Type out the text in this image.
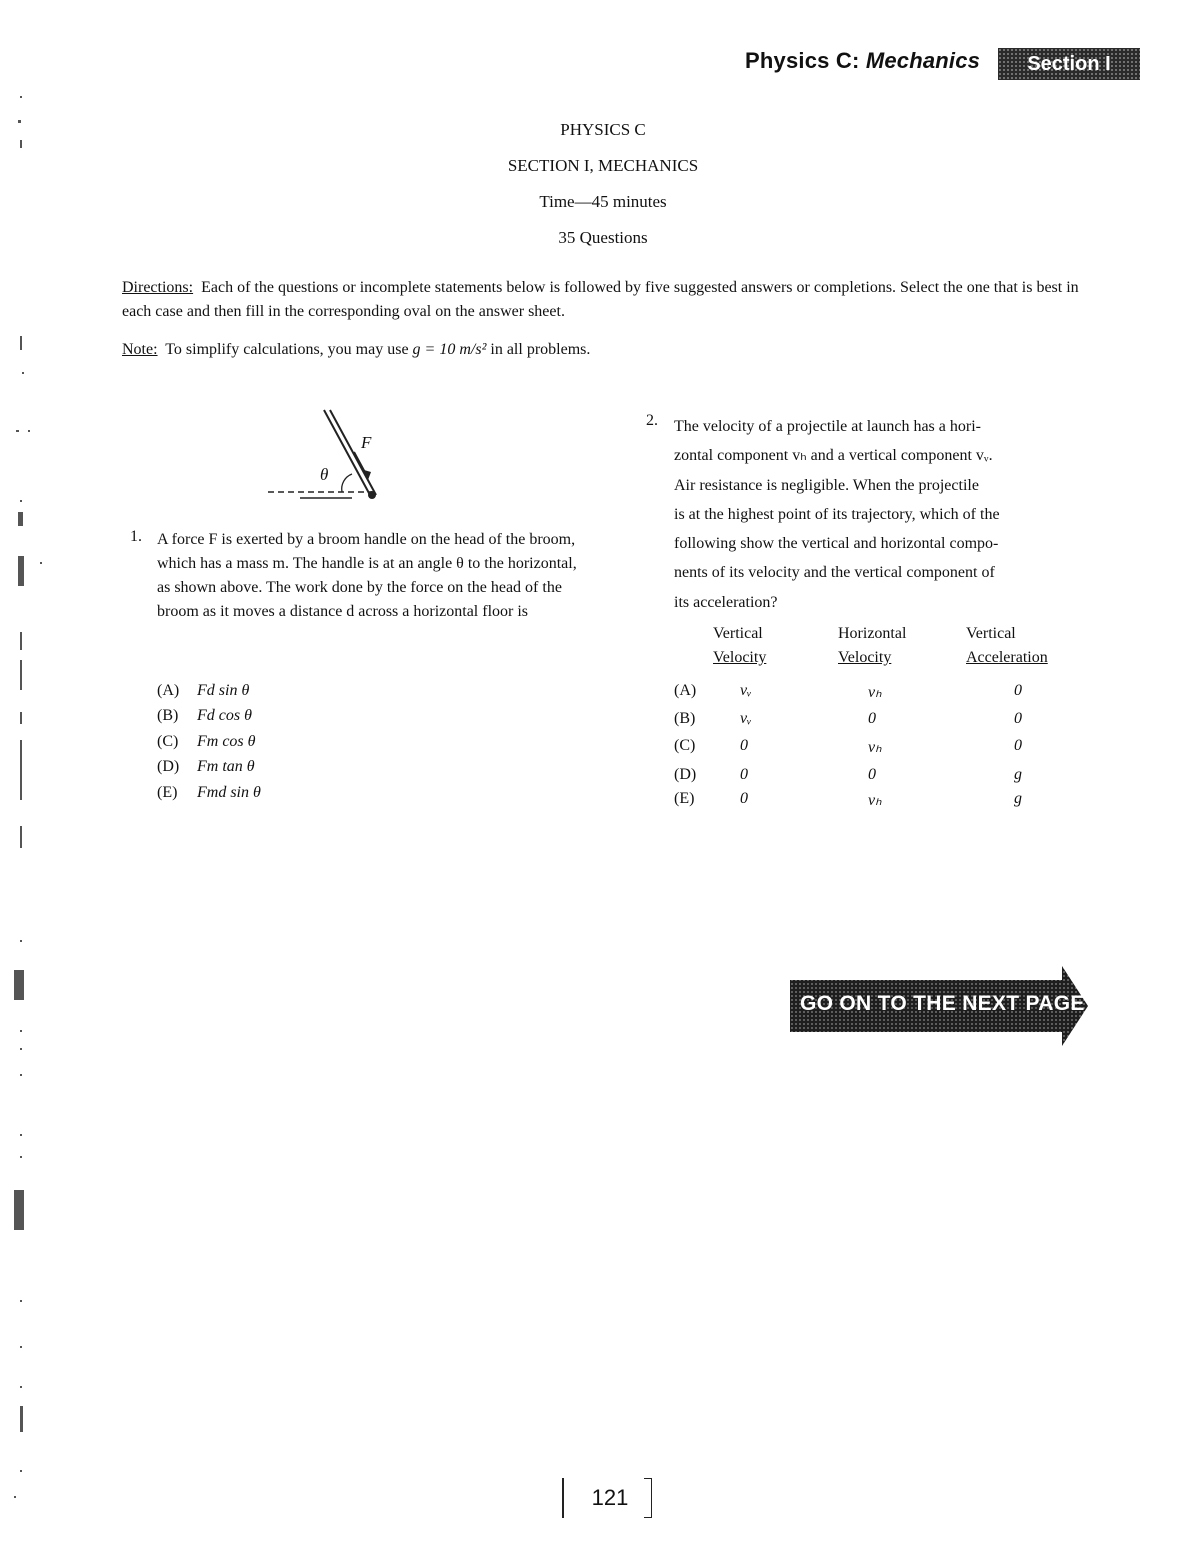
Physics C: Mechanics	Section I
PHYSICS C
SECTION I, MECHANICS
Time—45 minutes
35 Questions
Directions: Each of the questions or incomplete statements below is followed by five suggested answers or completions. Select the one that is best in each case and then fill in the corresponding oval on the answer sheet.
Note: To simplify calculations, you may use g = 10 m/s² in all problems.
F
θ
1. A force F is exerted by a broom handle on the head of the broom, which has a mass m. The handle is at an angle θ to the horizontal, as shown above. The work done by the force on the head of the broom as it moves a distance d across a horizontal floor is
(A) Fd sin θ
(B) Fd cos θ
(C) Fm cos θ
(D) Fm tan θ
(E) Fmd sin θ
2. The velocity of a projectile at launch has a hori-
zontal component vₕ and a vertical component vᵥ.
Air resistance is negligible. When the projectile
is at the highest point of its trajectory, which of the
following show the vertical and horizontal compo-
nents of its velocity and the vertical component of
its acceleration?
Vertical
Velocity
Horizontal
Velocity
Vertical
Acceleration
(A)	vᵥ	vₕ	0
(B)	vᵥ	0	0
(C)	0	vₕ	0
(D)	0	0	g
(E)	0	vₕ	g
GO ON TO THE NEXT PAGE
121
